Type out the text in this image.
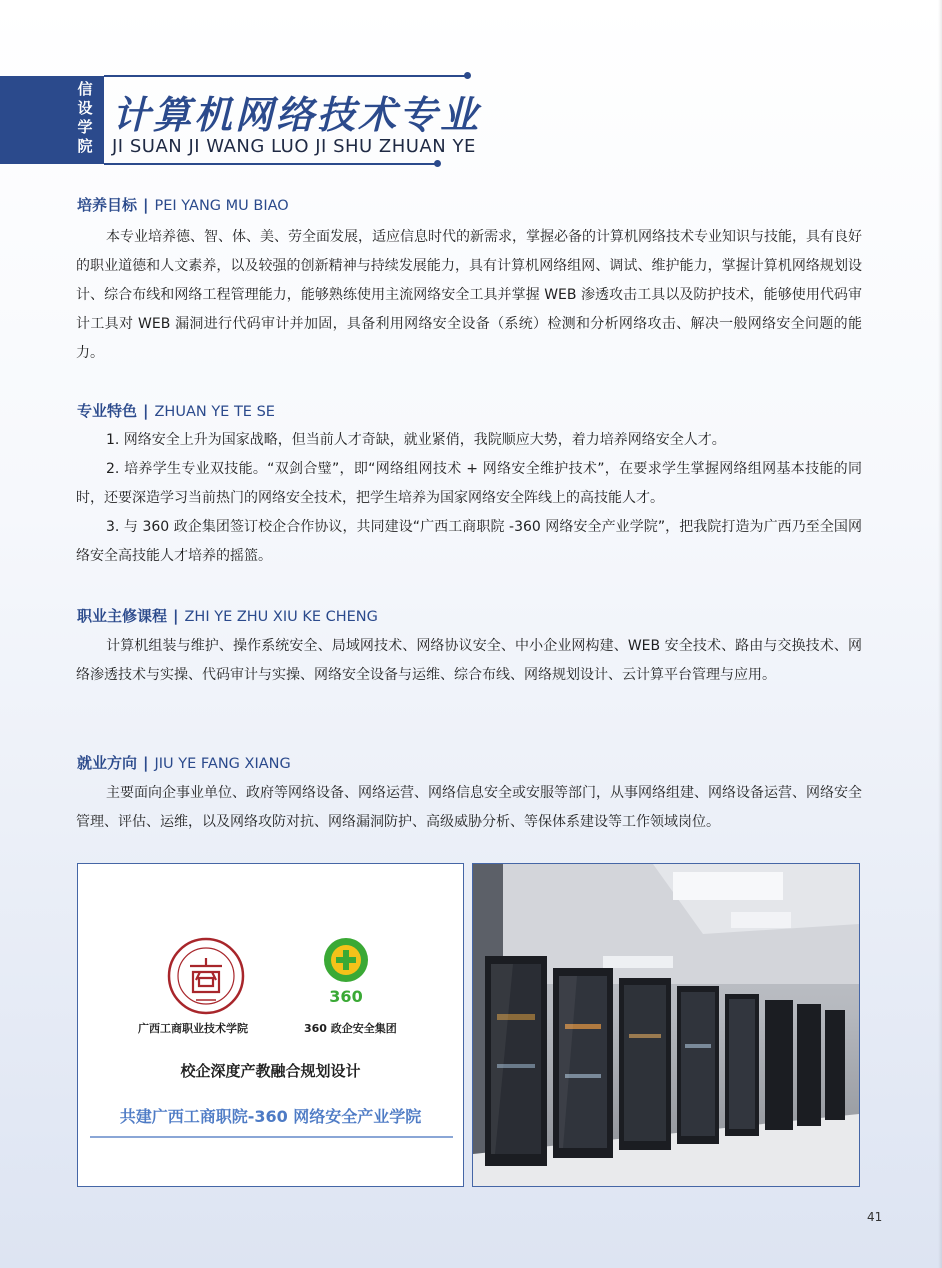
信设学院
计算机网络技术专业
JI SUAN JI WANG LUO JI SHU ZHUAN YE
培养目标 | PEI YANG MU BIAO
本专业培养德、智、体、美、劳全面发展，适应信息时代的新需求，掌握必备的计算机网络技术专业知识与技能，具有良好的职业道德和人文素养，以及较强的创新精神与持续发展能力，具有计算机网络组网、调试、维护能力，掌握计算机网络规划设计、综合布线和网络工程管理能力，能够熟练使用主流网络安全工具并掌握 WEB 渗透攻击工具以及防护技术，能够使用代码审计工具对 WEB 漏洞进行代码审计并加固，具备利用网络安全设备（系统）检测和分析网络攻击、解决一般网络安全问题的能力。
专业特色 | ZHUAN YE TE SE
1. 网络安全上升为国家战略，但当前人才奇缺，就业紧俏，我院顺应大势，着力培养网络安全人才。
2. 培养学生专业双技能。“双剑合璧”，即“网络组网技术 + 网络安全维护技术”，在要求学生掌握网络组网基本技能的同时，还要深造学习当前热门的网络安全技术，把学生培养为国家网络安全阵线上的高技能人才。
3. 与 360 政企集团签订校企合作协议，共同建设“广西工商职院 -360 网络安全产业学院”，把我院打造为广西乃至全国网络安全高技能人才培养的摇篮。
职业主修课程 | ZHI YE ZHU XIU KE CHENG
计算机组装与维护、操作系统安全、局域网技术、网络协议安全、中小企业网构建、WEB 安全技术、路由与交换技术、网络渗透技术与实操、代码审计与实操、网络安全设备与运维、综合布线、网络规划设计、云计算平台管理与应用。
就业方向 | JIU YE FANG XIANG
主要面向企事业单位、政府等网络设备、网络运营、网络信息安全或安服等部门，从事网络组建、网络设备运营、网络安全管理、评估、运维，以及网络攻防对抗、网络漏洞防护、高级威胁分析、等保体系建设等工作领域岗位。
广西工商职业技术学院
360
360 政企安全集团
校企深度产教融合规划设计
共建广西工商职院-360 网络安全产业学院
41
